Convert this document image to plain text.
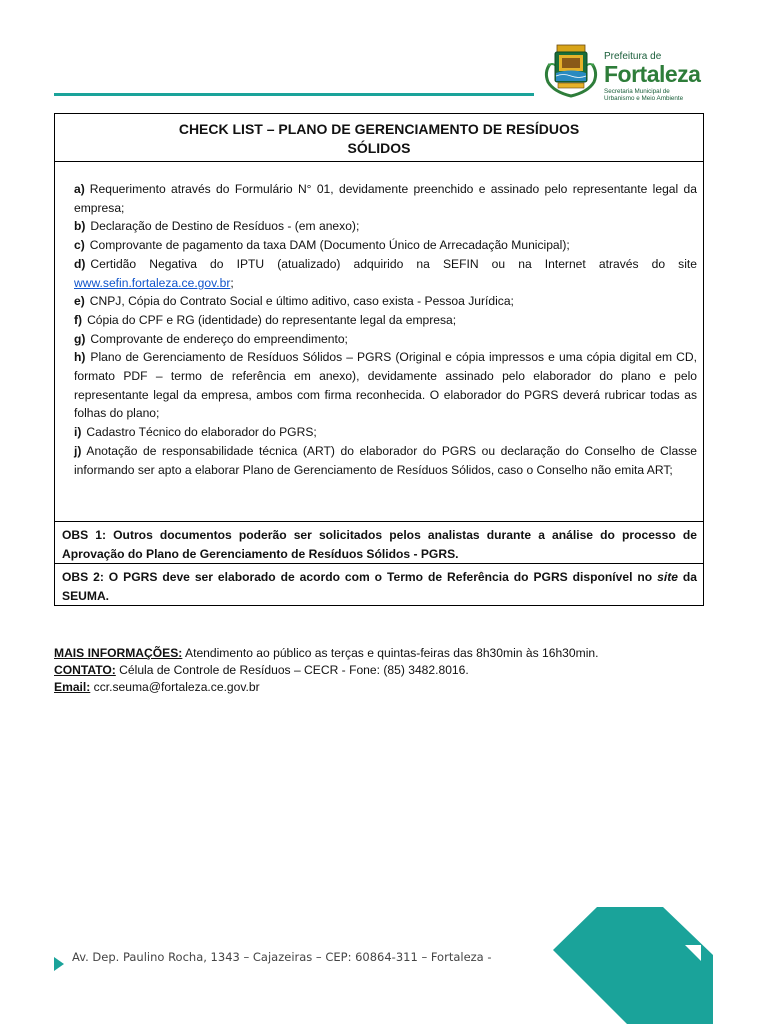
Prefeitura de
Fortaleza
Secretaria Municipal de Urbanismo e Meio Ambiente
CHECK LIST – PLANO DE GERENCIAMENTO DE RESÍDUOS
SÓLIDOS
a) Requerimento através do Formulário N° 01, devidamente preenchido e assinado pelo representante legal da empresa;
b) Declaração de Destino de Resíduos - (em anexo);
c) Comprovante de pagamento da taxa DAM (Documento Único de Arrecadação Municipal);
d) Certidão Negativa do IPTU (atualizado) adquirido na SEFIN ou na Internet através do site www.sefin.fortaleza.ce.gov.br;
e) CNPJ, Cópia do Contrato Social e último aditivo, caso exista - Pessoa Jurídica;
f) Cópia do CPF e RG (identidade) do representante legal da empresa;
g) Comprovante de endereço do empreendimento;
h) Plano de Gerenciamento de Resíduos Sólidos – PGRS (Original e cópia impressos e uma cópia digital em CD, formato PDF – termo de referência em anexo), devidamente assinado pelo elaborador do plano e pelo representante legal da empresa, ambos com firma reconhecida. O elaborador do PGRS deverá rubricar todas as folhas do plano;
i) Cadastro Técnico do elaborador do PGRS;
j) Anotação de responsabilidade técnica (ART) do elaborador do PGRS ou declaração do Conselho de Classe informando ser apto a elaborar Plano de Gerenciamento de Resíduos Sólidos, caso o Conselho não emita ART;
OBS 1: Outros documentos poderão ser solicitados pelos analistas durante a análise do processo de Aprovação do Plano de Gerenciamento de Resíduos Sólidos - PGRS.
OBS 2: O PGRS deve ser elaborado de acordo com o Termo de Referência do PGRS disponível no site da SEUMA.
MAIS INFORMAÇÕES: Atendimento ao público as terças e quintas-feiras das 8h30min às 16h30min.
CONTATO: Célula de Controle de Resíduos – CECR - Fone: (85) 3482.8016.
Email: ccr.seuma@fortaleza.ce.gov.br
Av. Dep. Paulino Rocha, 1343 – Cajazeiras – CEP: 60864-311 – Fortaleza -
